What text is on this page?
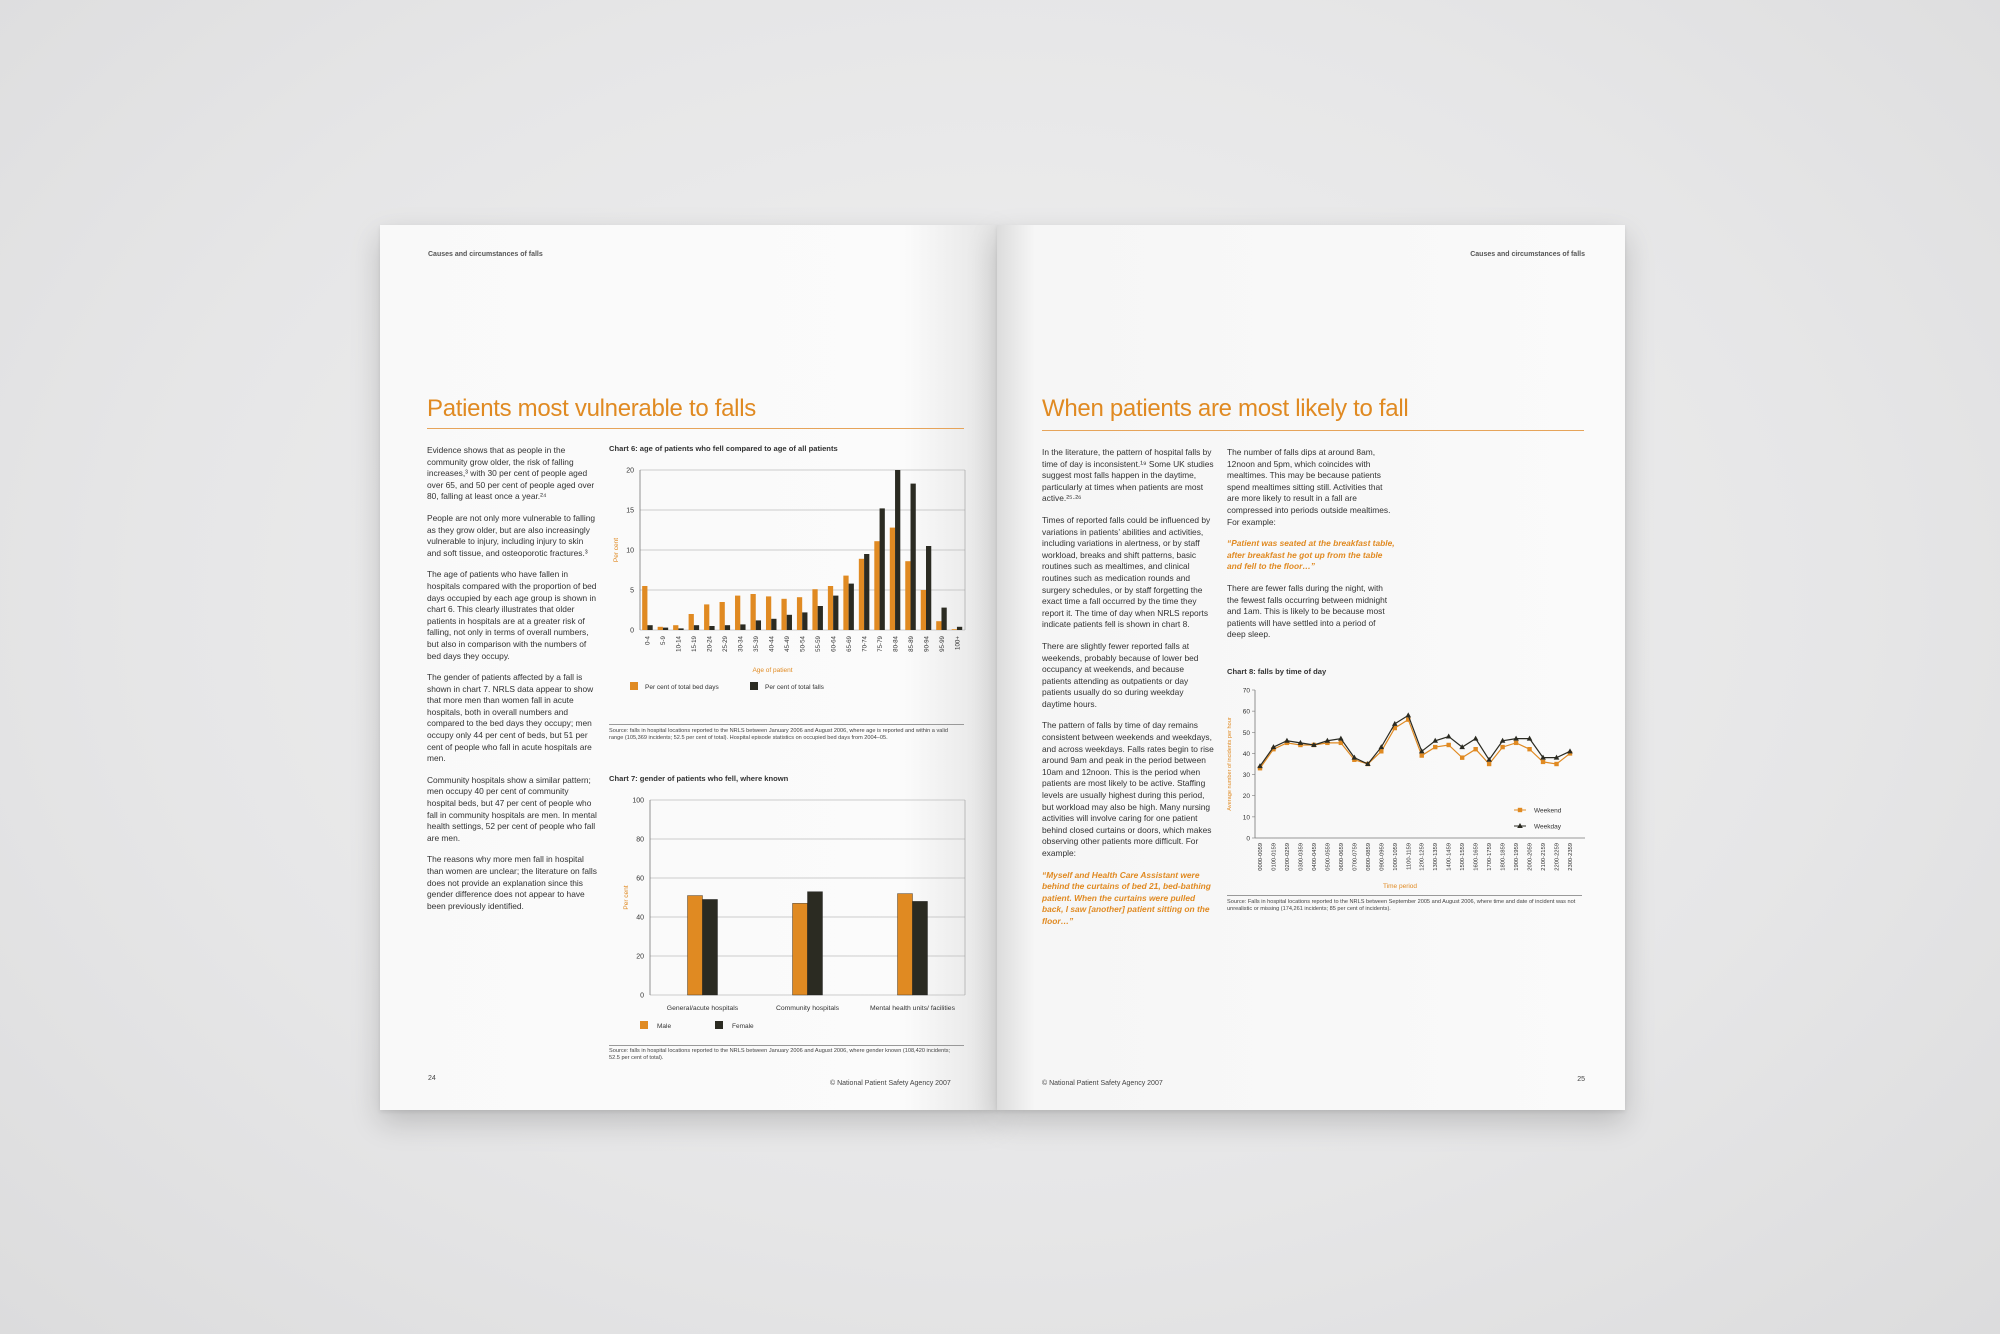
Causes and circumstances of falls
Patients most vulnerable to falls

Evidence shows that as people in the community grow older, the risk of falling increases,³ with 30 per cent of people aged over 65, and 50 per cent of people aged over 80, falling at least once a year.²⁴

People are not only more vulnerable to falling as they grow older, but are also increasingly vulnerable to injury, including injury to skin and soft tissue, and osteoporotic fractures.³

The age of patients who have fallen in hospitals compared with the proportion of bed days occupied by each age group is shown in chart 6. This clearly illustrates that older patients in hospitals are at a greater risk of falling, not only in terms of overall numbers, but also in comparison with the numbers of bed days they occupy.

The gender of patients affected by a fall is shown in chart 7. NRLS data appear to show that more men than women fall in acute hospitals, both in overall numbers and compared to the bed days they occupy; men occupy only 44 per cent of beds, but 51 per cent of people who fall in acute hospitals are men.

Community hospitals show a similar pattern; men occupy 40 per cent of community hospital beds, but 47 per cent of people who fall in community hospitals are men. In mental health settings, 52 per cent of people who fall are men.

The reasons why more men fall in hospital than women are unclear; the literature on falls does not provide an explanation since this gender difference does not appear to have been previously identified.

Chart 6: age of patients who fell compared to age of all patients
0
5
10
15
20
Per cent
0-4 5-9 10-14 15-19 20-24 25-29 30-34 35-39 40-44 45-49 50-54 55-59 60-64 65-69 70-74 75-79 80-84 85-89 90-94 95-99 100+
Age of patient
Per cent of total bed days	Per cent of total falls
Source: falls in hospital locations reported to the NRLS between January 2006 and August 2006, where age is reported and within a valid range (105,369 incidents; 52.5 per cent of total). Hospital episode statistics on occupied bed days from 2004–05.
Chart 7: gender of patients who fell, where known
0
20
40
60
80
100
Per cent
General/acute hospitals	Community hospitals	Mental health units/ facilities
Male	Female
Source: falls in hospital locations reported to the NRLS between January 2006 and August 2006, where gender known (108,420 incidents; 52.5 per cent of total).
24
© National Patient Safety Agency 2007
Causes and circumstances of falls
When patients are most likely to fall

In the literature, the pattern of hospital falls by time of day is inconsistent.¹⁹ Some UK studies suggest most falls happen in the daytime, particularly at times when patients are most active.²⁵·²⁶

Times of reported falls could be influenced by variations in patients’ abilities and activities, including variations in alertness, or by staff workload, breaks and shift patterns, basic routines such as mealtimes, and clinical routines such as medication rounds and surgery schedules, or by staff forgetting the exact time a fall occurred by the time they report it. The time of day when NRLS reports indicate patients fell is shown in chart 8.

There are slightly fewer reported falls at weekends, probably because of lower bed occupancy at weekends, and because patients attending as outpatients or day patients usually do so during weekday daytime hours.

The pattern of falls by time of day remains consistent between weekends and weekdays, and across weekdays. Falls rates begin to rise around 9am and peak in the period between 10am and 12noon. This is the period when patients are most likely to be active. Staffing levels are usually highest during this period, but workload may also be high. Many nursing activities will involve caring for one patient behind closed curtains or doors, which makes observing other patients more difficult. For example:

“Myself and Health Care Assistant were behind the curtains of bed 21, bed-bathing patient. When the curtains were pulled back, I saw [another] patient sitting on the floor…”

The number of falls dips at around 8am, 12noon and 5pm, which coincides with mealtimes. This may be because patients spend mealtimes sitting still. Activities that are more likely to result in a fall are compressed into periods outside mealtimes. For example:

“Patient was seated at the breakfast table, after breakfast he got up from the table and fell to the floor…”

There are fewer falls during the night, with the fewest falls occurring between midnight and 1am. This is likely to be because most patients will have settled into a period of deep sleep.

Chart 8: falls by time of day
0
10
20
30
40
50
60
70
Average number of incidents per hour
0000-0059 0100-0159 0200-0259 0300-0359 0400-0459 0500-0559 0600-0659 0700-0759 0800-0859 0900-0959 1000-1059 1100-1159 1200-1259 1300-1359 1400-1459 1500-1559 1600-1659 1700-1759 1800-1859 1900-1959 2000-2059 2100-2159 2200-2259 2300-2359
Time period
Weekend
Weekday
Source: Falls in hospital locations reported to the NRLS between September 2005 and August 2006, where time and date of incident was not unrealistic or missing (174,261 incidents; 85 per cent of incidents).
© National Patient Safety Agency 2007
25
